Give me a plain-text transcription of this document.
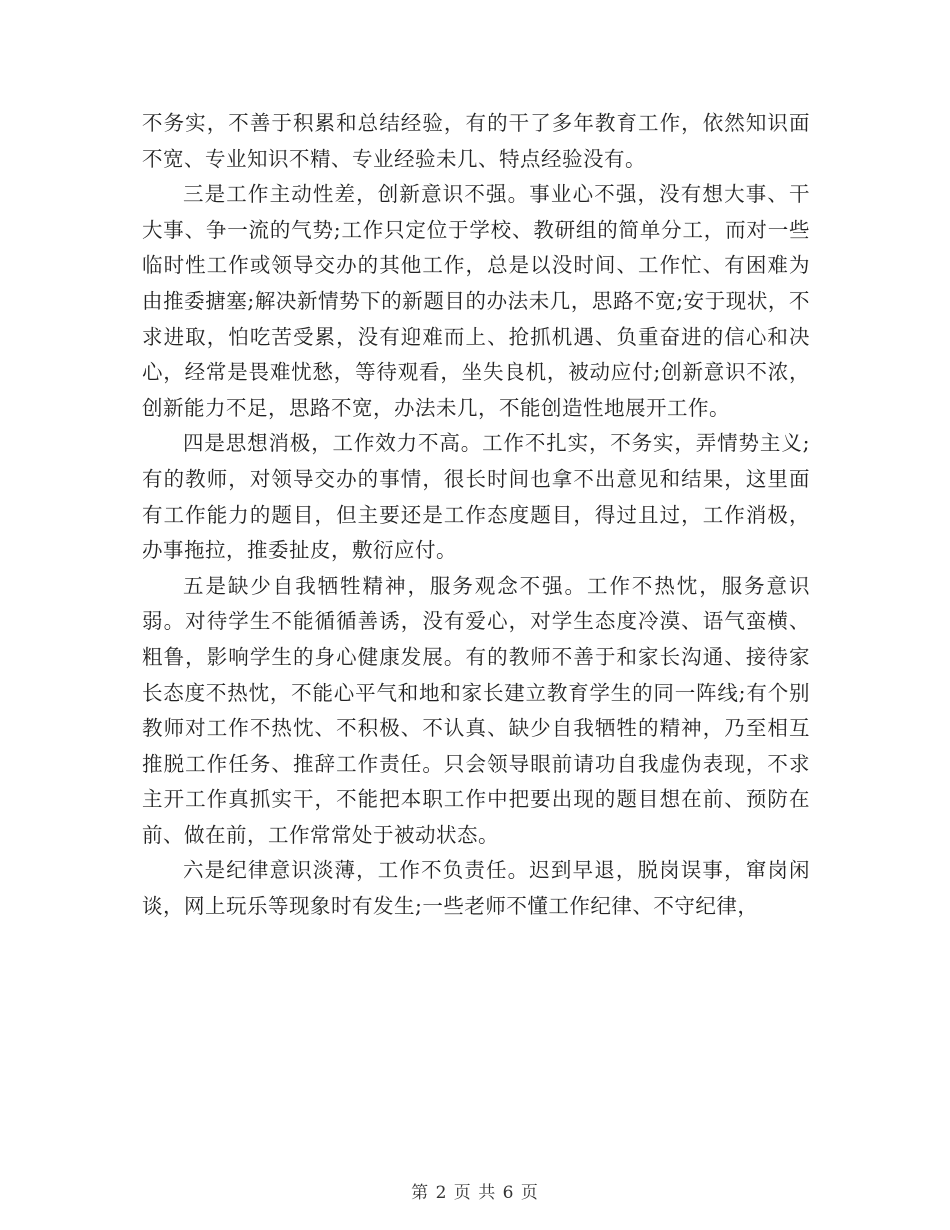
不务实，不善于积累和总结经验，有的干了多年教育工作，依然知识面不宽、专业知识不精、专业经验未几、特点经验没有。

三是工作主动性差，创新意识不强。事业心不强，没有想大事、干大事、争一流的气势;工作只定位于学校、教研组的简单分工，而对一些临时性工作或领导交办的其他工作，总是以没时间、工作忙、有困难为由推委搪塞;解决新情势下的新题目的办法未几，思路不宽;安于现状，不求进取，怕吃苦受累，没有迎难而上、抢抓机遇、负重奋进的信心和决心，经常是畏难忧愁，等待观看，坐失良机，被动应付;创新意识不浓，创新能力不足，思路不宽，办法未几，不能创造性地展开工作。

四是思想消极，工作效力不高。工作不扎实，不务实，弄情势主义;有的教师，对领导交办的事情，很长时间也拿不出意见和结果，这里面有工作能力的题目，但主要还是工作态度题目，得过且过，工作消极，办事拖拉，推委扯皮，敷衍应付。

五是缺少自我牺牲精神，服务观念不强。工作不热忱，服务意识弱。对待学生不能循循善诱，没有爱心，对学生态度冷漠、语气蛮横、粗鲁，影响学生的身心健康发展。有的教师不善于和家长沟通、接待家长态度不热忱，不能心平气和地和家长建立教育学生的同一阵线;有个别教师对工作不热忱、不积极、不认真、缺少自我牺牲的精神，乃至相互推脱工作任务、推辞工作责任。只会领导眼前请功自我虚伪表现，不求主开工作真抓实干，不能把本职工作中把要出现的题目想在前、预防在前、做在前，工作常常处于被动状态。

六是纪律意识淡薄，工作不负责任。迟到早退，脱岗误事，窜岗闲谈，网上玩乐等现象时有发生;一些老师不懂工作纪律、不守纪律，

第 2 页 共 6 页
